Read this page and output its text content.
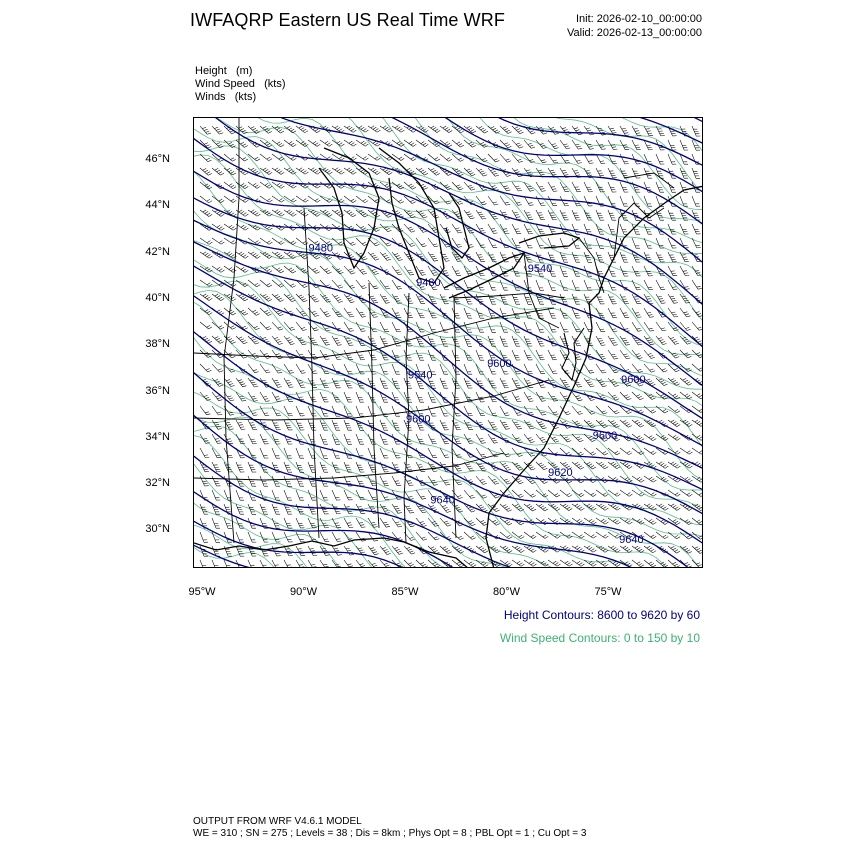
IWFAQRP Eastern US Real Time WRF	Init: 2026-02-10_00:00:00
Valid: 2026-02-13_00:00:00
Height (m)
Wind Speed (kts)
Winds (kts)
9480
9480
9540
9540
9600
9600
9600
9600
9620
9640
9640
46°N
44°N
42°N
40°N
38°N
36°N
34°N
32°N
30°N
95°W	90°W	85°W	80°W	75°W
Height Contours: 8600 to 9620 by 60
Wind Speed Contours: 0 to 150 by 10
OUTPUT FROM WRF V4.6.1 MODEL
WE = 310 ; SN = 275 ; Levels = 38 ; Dis = 8km ; Phys Opt = 8 ; PBL Opt = 1 ; Cu Opt = 3
